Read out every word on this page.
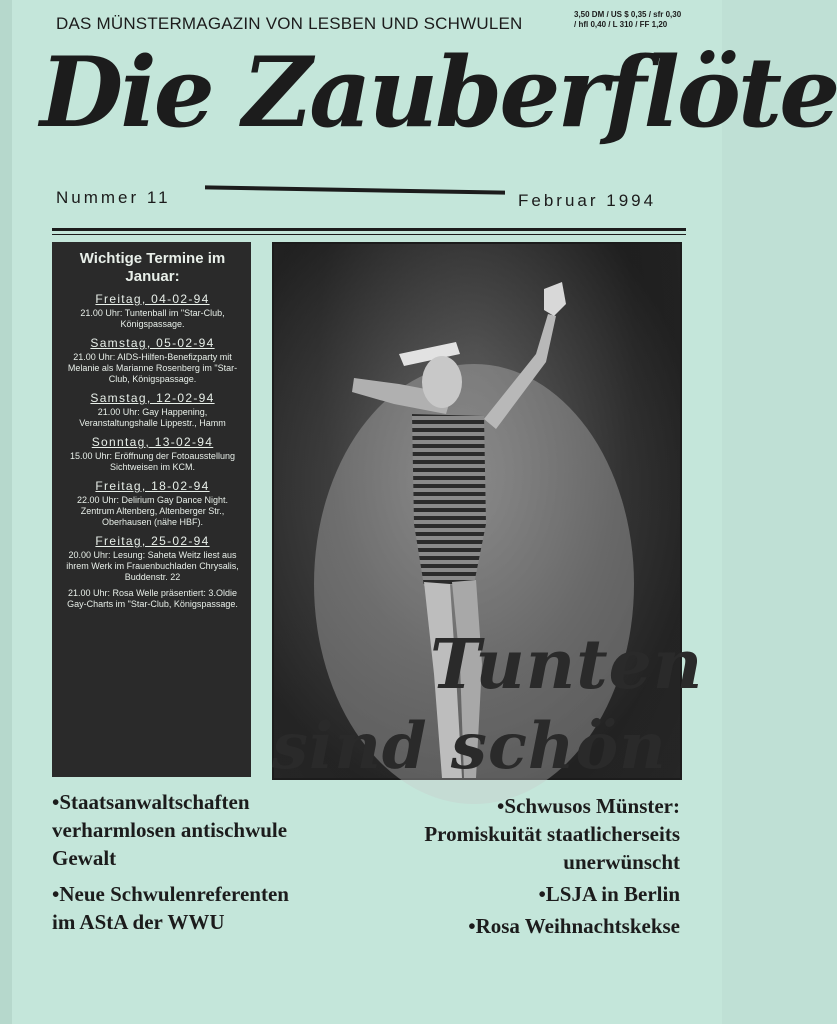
DAS MÜNSTERMAGAZIN VON LESBEN UND SCHWULEN	3,50 DM / US $ 0,35 / sfr 0,30
/ hfl 0,40 / L 310 / FF 1,20
Die Zauberflöte
Nummer 11	Februar 1994
Wichtige Termine im Januar:
Freitag, 04-02-94
21.00 Uhr: Tuntenball im "Star-Club, Königspassage.
Samstag, 05-02-94
21.00 Uhr: AIDS-Hilfen-Benefizparty mit Melanie als Marianne Rosenberg im "Star-Club, Königspassage.
Samstag, 12-02-94
21.00 Uhr: Gay Happening, Veranstaltungshalle Lippestr., Hamm
Sonntag, 13-02-94
15.00 Uhr: Eröffnung der Fotoausstellung Sichtweisen im KCM.
Freitag, 18-02-94
22.00 Uhr: Delirium Gay Dance Night. Zentrum Altenberg, Altenberger Str., Oberhausen (nähe HBF).
Freitag, 25-02-94
20.00 Uhr: Lesung: Saheta Weitz liest aus ihrem Werk im Frauenbuchladen Chrysalis, Buddenstr. 22
21.00 Uhr: Rosa Welle präsentiert: 3.Oldie Gay-Charts im "Star-Club, Königspassage.
Tunten
sind schön
•Staatsanwaltschaften
verharmlosen antischwule
Gewalt
•Neue Schwulenreferenten
im AStA der WWU
•Schwusos Münster:
Promiskuität staatlicherseits
unerwünscht
•LSJA in Berlin
•Rosa Weihnachtskekse
